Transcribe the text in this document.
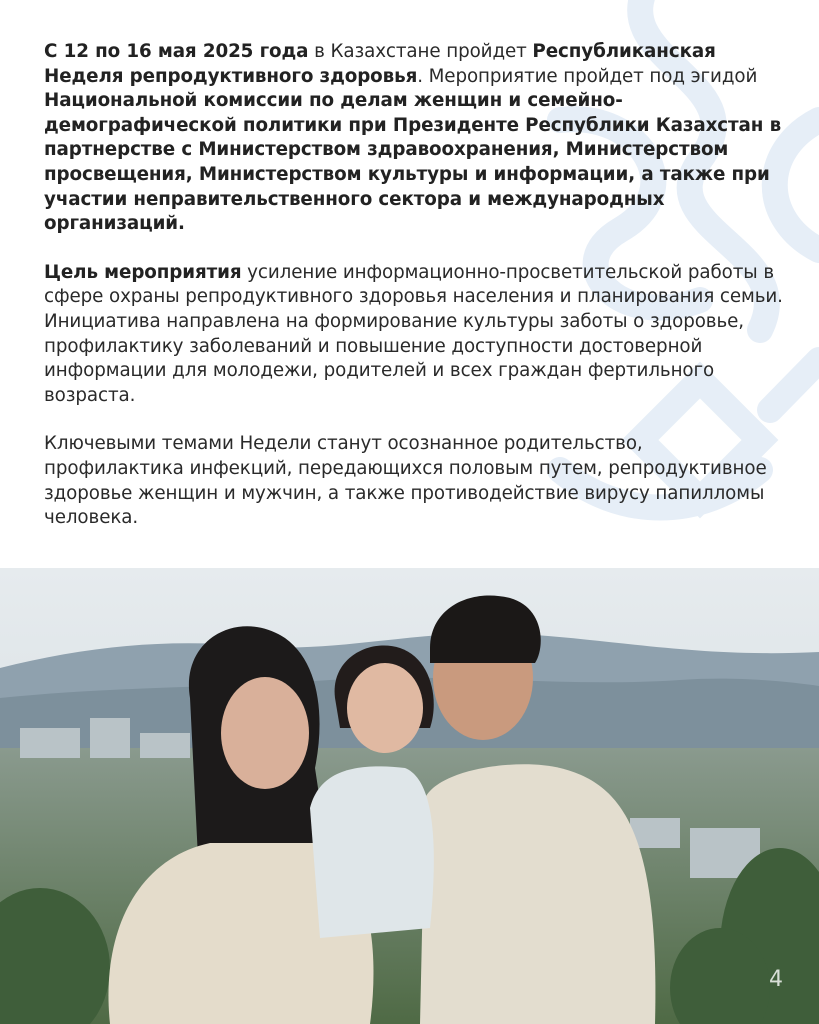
С 12 по 16 мая 2025 года в Казахстане пройдет Республиканская Неделя репродуктивного здоровья. Мероприятие пройдет под эгидой Национальной комиссии по делам женщин и семейно-демографической политики при Президенте Республики Казахстан в партнерстве с Министерством здравоохранения, Министерством просвещения, Министерством культуры и информации, а также при участии неправительственного сектора и международных организаций.

Цель мероприятия усиление информационно-просветительской работы в сфере охраны репродуктивного здоровья населения и планирования семьи. Инициатива направлена на формирование культуры заботы о здоровье, профилактику заболеваний и повышение доступности достоверной информации для молодежи, родителей и всех граждан фертильного возраста.

Ключевыми темами Недели станут осознанное родительство, профилактика инфекций, передающихся половым путем, репродуктивное здоровье женщин и мужчин, а также противодействие вирусу папилломы человека.

4
